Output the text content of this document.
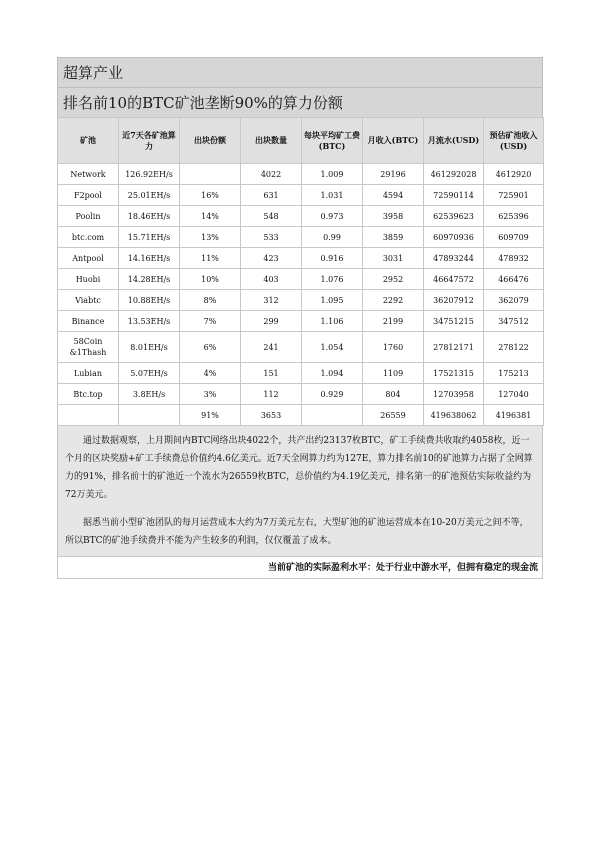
超算产业
排名前10的BTC矿池垄断90%的算力份额
矿池	近7天各矿池算力	出块份额	出块数量	每块平均矿工费(BTC)	月收入(BTC)	月流水(USD)	预估矿池收入(USD)
Network	126.92EH/s		4022	1.009	29196	461292028	4612920
F2pool	25.01EH/s	16%	631	1.031	4594	72590114	725901
Poolin	18.46EH/s	14%	548	0.973	3958	62539623	625396
btc.com	15.71EH/s	13%	533	0.99	3859	60970936	609709
Antpool	14.16EH/s	11%	423	0.916	3031	47893244	478932
Huobi	14.28EH/s	10%	403	1.076	2952	46647572	466476
Viabtc	10.88EH/s	8%	312	1.095	2292	36207912	362079
Binance	13.53EH/s	7%	299	1.106	2199	34751215	347512
58Coin &1Thash	8.01EH/s	6%	241	1.054	1760	27812171	278122
Lubian	5.07EH/s	4%	151	1.094	1109	17521315	175213
Btc.top	3.8EH/s	3%	112	0.929	804	12703958	127040
		91%	3653		26559	419638062	4196381

通过数据观察，上月期间内BTC网络出块4022个，共产出约23137枚BTC，矿工手续费共收取约4058枚，近一个月的区块奖励+矿工手续费总价值约4.6亿美元。近7天全网算力约为127E，算力排名前10的矿池算力占据了全网算力的91%，排名前十的矿池近一个流水为26559枚BTC，总价值约为4.19亿美元，排名第一的矿池预估实际收益约为72万美元。

据悉当前小型矿池团队的每月运营成本大约为7万美元左右，大型矿池的矿池运营成本在10-20万美元之间不等，所以BTC的矿池手续费并不能为产生较多的利润，仅仅覆盖了成本。

当前矿池的实际盈利水平：处于行业中游水平，但拥有稳定的现金流
